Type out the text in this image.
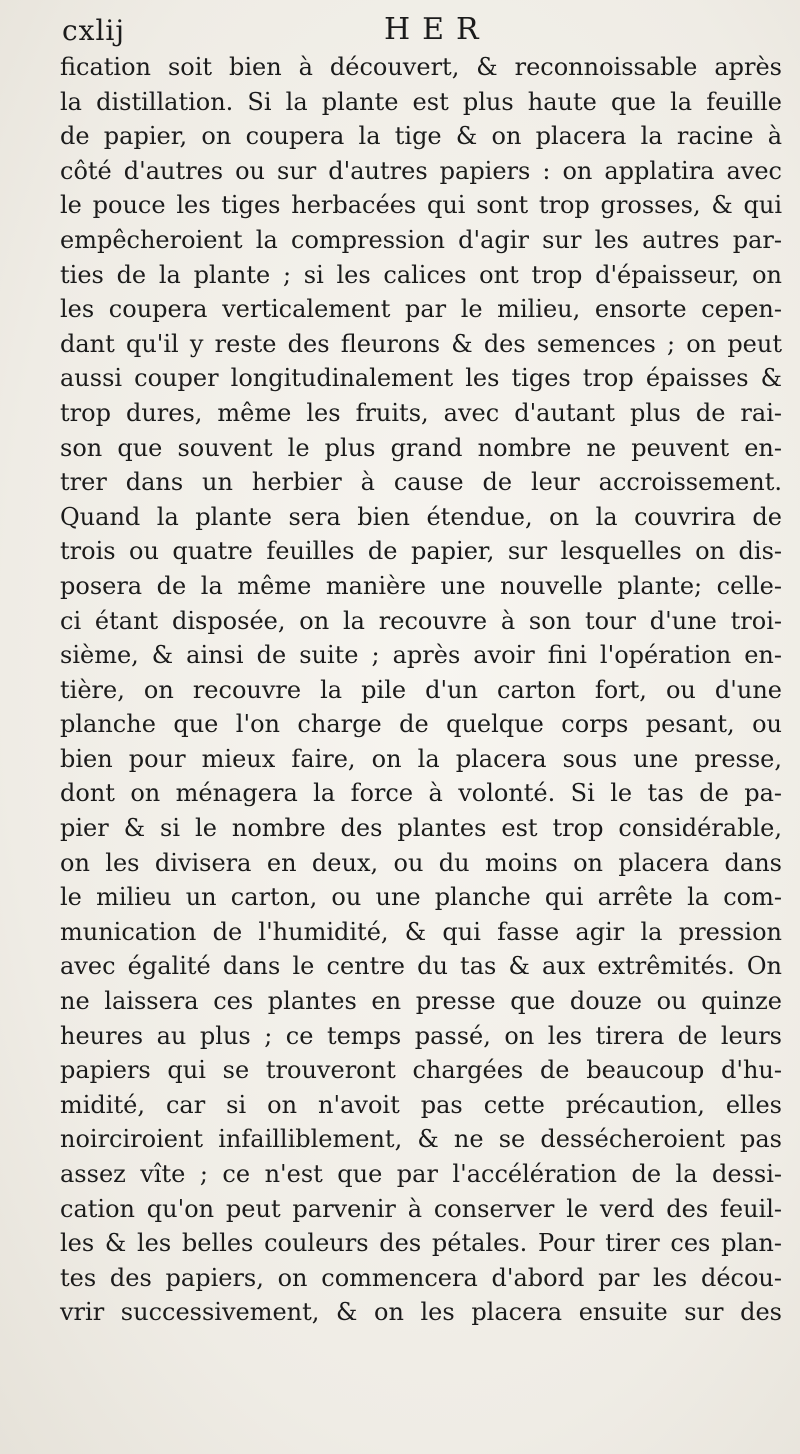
cxlij	HER
fication soit bien à découvert, & reconnoissable après
la distillation. Si la plante est plus haute que la feuille
de papier, on coupera la tige & on placera la racine à
côté d'autres ou sur d'autres papiers : on applatira avec
le pouce les tiges herbacées qui sont trop grosses, & qui
empêcheroient la compression d'agir sur les autres par-
ties de la plante ; si les calices ont trop d'épaisseur, on
les coupera verticalement par le milieu, ensorte cepen-
dant qu'il y reste des fleurons & des semences ; on peut
aussi couper longitudinalement les tiges trop épaisses &
trop dures, même les fruits, avec d'autant plus de rai-
son que souvent le plus grand nombre ne peuvent en-
trer dans un herbier à cause de leur accroissement.
Quand la plante sera bien étendue, on la couvrira de
trois ou quatre feuilles de papier, sur lesquelles on dis-
posera de la même manière une nouvelle plante; celle-
ci étant disposée, on la recouvre à son tour d'une troi-
sième, & ainsi de suite ; après avoir fini l'opération en-
tière, on recouvre la pile d'un carton fort, ou d'une
planche que l'on charge de quelque corps pesant, ou
bien pour mieux faire, on la placera sous une presse,
dont on ménagera la force à volonté. Si le tas de pa-
pier & si le nombre des plantes est trop considérable,
on les divisera en deux, ou du moins on placera dans
le milieu un carton, ou une planche qui arrête la com-
munication de l'humidité, & qui fasse agir la pression
avec égalité dans le centre du tas & aux extrêmités. On
ne laissera ces plantes en presse que douze ou quinze
heures au plus ; ce temps passé, on les tirera de leurs
papiers qui se trouveront chargées de beaucoup d'hu-
midité, car si on n'avoit pas cette précaution, elles
noirciroient infailliblement, & ne se dessécheroient pas
assez vîte ; ce n'est que par l'accélération de la dessi-
cation qu'on peut parvenir à conserver le verd des feuil-
les & les belles couleurs des pétales. Pour tirer ces plan-
tes des papiers, on commencera d'abord par les décou-
vrir successivement, & on les placera ensuite sur des
